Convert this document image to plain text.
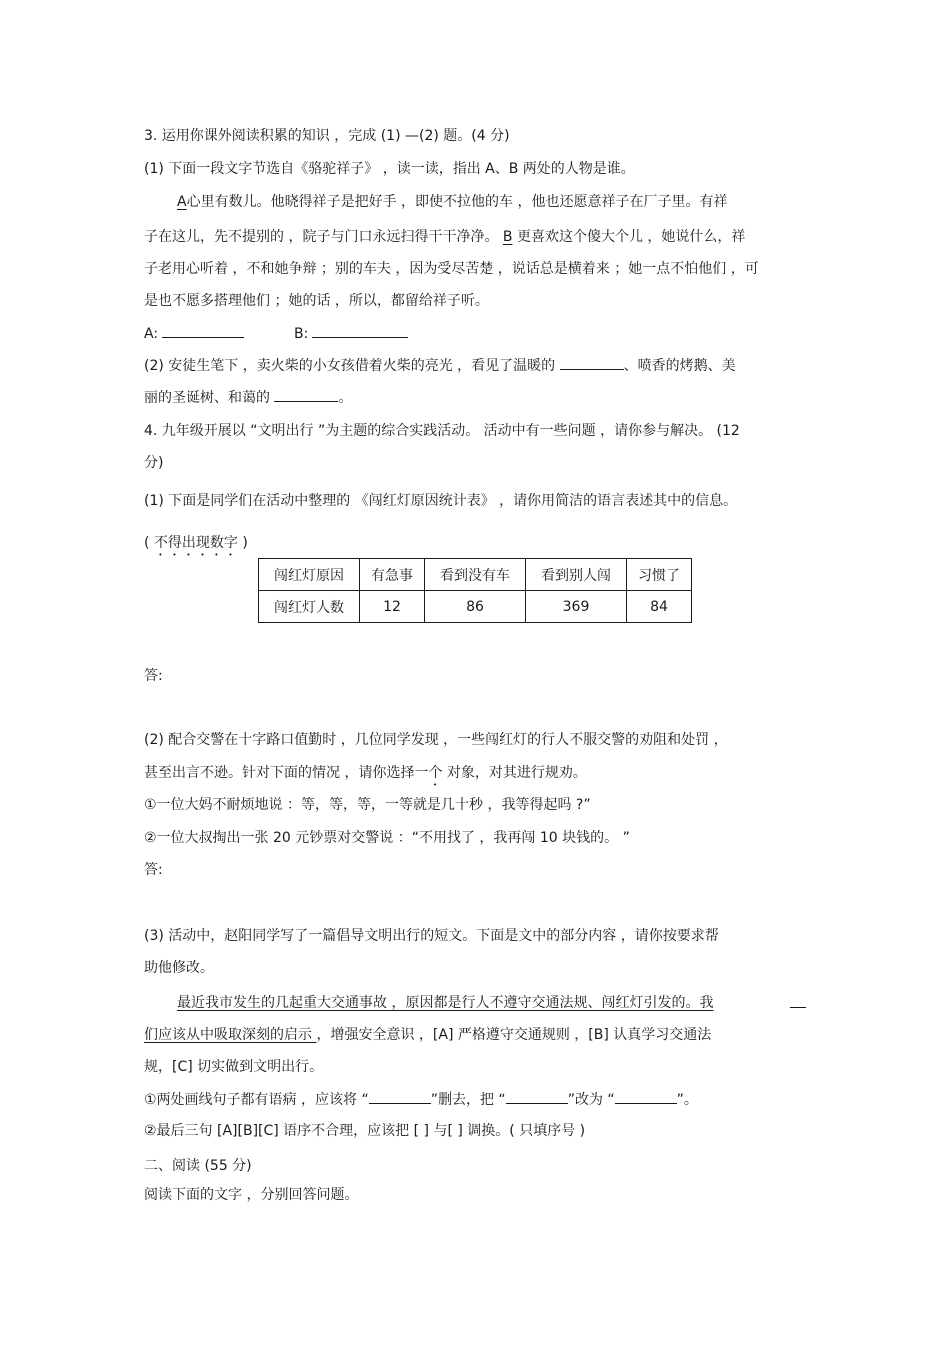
3. 运用你课外阅读积累的知识 ，完成 (1) —(2) 题。(4 分)
(1) 下面一段文字节选自《骆驼祥子》 ，读一读，指出 A、B 两处的人物是谁。
A心里有数儿。他晓得祥子是把好手 ，即使不拉他的车 ，他也还愿意祥子在厂子里。有祥
子在这儿，先不提别的 ，院子与门口永远扫得干干净净。 B 更喜欢这个傻大个儿 ，她说什么，祥
子老用心听着 ，不和她争辩 ；别的车夫 ，因为受尽苦楚 ，说话总是横着来 ；她一点不怕他们 ，可
是也不愿多搭理他们 ；她的话 ，所以，都留给祥子听。
A:	B:
(2) 安徒生笔下 ，卖火柴的小女孩借着火柴的亮光 ，看见了温暖的	、喷香的烤鹅、美
丽的圣诞树、和蔼的	。
4. 九年级开展以 “文明出行 ”为主题的综合实践活动。 活动中有一些问题 ，请你参与解决。 (12
分)
(1) 下面是同学们在活动中整理的 《闯红灯原因统计表》 ，请你用简洁的语言表述其中的信息。
( 不得出现数字 )
闯红灯原因	有急事	看到没有车	看到别人闯	习惯了
闯红灯人数	12	86	369	84
答:
(2) 配合交警在十字路口值勤时 ，几位同学发现 ，一些闯红灯的行人不服交警的劝阻和处罚 ，
甚至出言不逊。针对下面的情况 ，请你选择一个 对象，对其进行规劝。
①一位大妈不耐烦地说 ：等，等，等，一等就是几十秒 ，我等得起吗 ?”
②一位大叔掏出一张 20 元钞票对交警说 ：“不用找了 ，我再闯 10 块钱的。 ”
答:
(3) 活动中，赵阳同学写了一篇倡导文明出行的短文。下面是文中的部分内容 ，请你按要求帮
助他修改。
最近我市发生的几起重大交通事故 ，原因都是行人不遵守交通法规、闯红灯引发的。我
们应该从中吸取深刻的启示 ，增强安全意识 ，[A] 严格遵守交通规则 ，[B] 认真学习交通法
规，[C] 切实做到文明出行。
①两处画线句子都有语病 ，应该将 “	”删去，把 “	”改为 “	”。
②最后三句 [A][B][C] 语序不合理，应该把 [ ] 与[ ] 调换。( 只填序号 )
二、阅读 (55 分)
阅读下面的文字 ，分别回答问题。
